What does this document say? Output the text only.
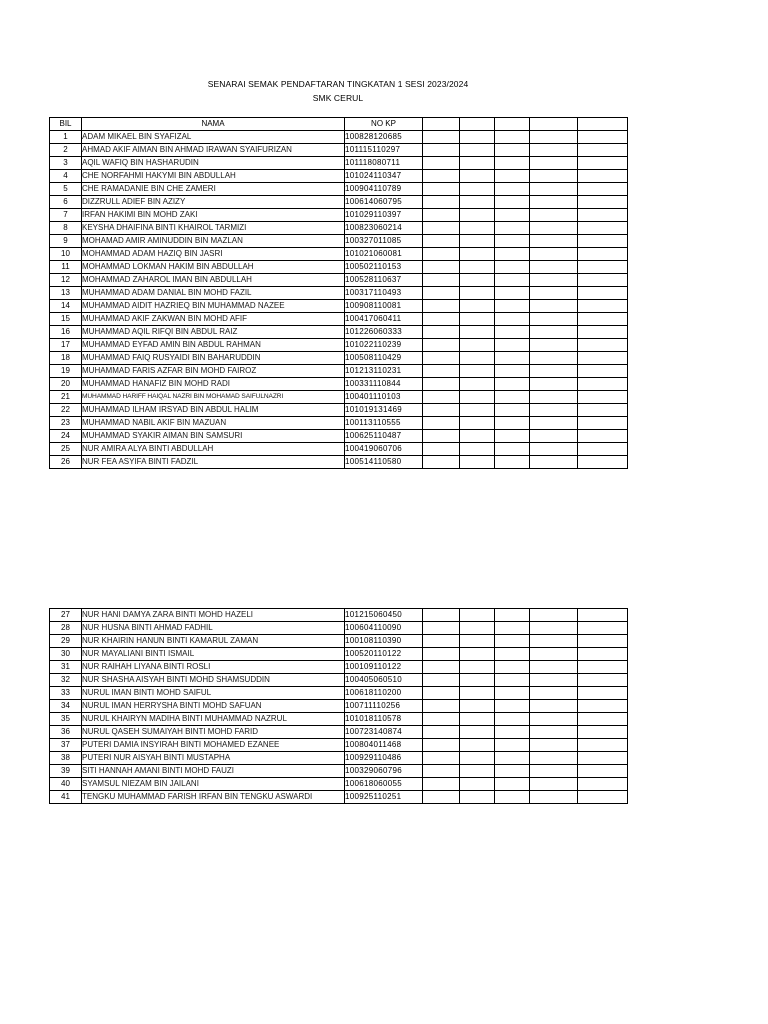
SENARAI SEMAK PENDAFTARAN TINGKATAN 1 SESI 2023/2024
SMK CERUL
BIL	NAMA	NO KP					
1	ADAM MIKAEL BIN SYAFIZAL	100828120685					
2	AHMAD AKIF AIMAN BIN AHMAD IRAWAN SYAIFURIZAN	101115110297					
3	AQIL WAFIQ BIN HASHARUDIN	101118080711					
4	CHE NORFAHMI HAKYMI BIN ABDULLAH	101024110347					
5	CHE RAMADANIE BIN CHE ZAMERI	100904110789					
6	DIZZRULL ADIEF BIN AZIZY	100614060795					
7	IRFAN HAKIMI BIN MOHD ZAKI	101029110397					
8	KEYSHA DHAIFINA BINTI KHAIROL TARMIZI	100823060214					
9	MOHAMAD AMIR AMINUDDIN BIN MAZLAN	100327011085					
10	MOHAMMAD ADAM HAZIQ BIN JASRI	101021060081					
11	MOHAMMAD LOKMAN HAKIM BIN ABDULLAH	100502110153					
12	MOHAMMAD ZAHAROL IMAN BIN ABDULLAH	100528110637					
13	MUHAMMAD ADAM DANIAL BIN MOHD FAZIL	100317110493					
14	MUHAMMAD AIDIT HAZRIEQ BIN MUHAMMAD NAZEE	100908110081					
15	MUHAMMAD AKIF ZAKWAN BIN MOHD AFIF	100417060411					
16	MUHAMMAD AQIL RIFQI BIN ABDUL RAIZ	101226060333					
17	MUHAMMAD EYFAD AMIN BIN ABDUL RAHMAN	101022110239					
18	MUHAMMAD FAIQ RUSYAIDI BIN BAHARUDDIN	100508110429					
19	MUHAMMAD FARIS AZFAR BIN MOHD FAIROZ	101213110231					
20	MUHAMMAD HANAFIZ BIN MOHD RADI	100331110844					
21	MUHAMMAD HARIFF HAIQAL NAZRI BIN MOHAMAD SAIFULNAZRI	100401110103					
22	MUHAMMAD ILHAM IRSYAD BIN ABDUL HALIM	101019131469					
23	MUHAMMAD NABIL AKIF BIN MAZUAN	100113110555					
24	MUHAMMAD SYAKIR AIMAN BIN SAMSURI	100625110487					
25	NUR AMIRA ALYA BINTI ABDULLAH	100419060706					
26	NUR FEA ASYIFA BINTI FADZIL	100514110580					
27	NUR HANI DAMYA ZARA BINTI MOHD HAZELI	101215060450					
28	NUR HUSNA BINTI AHMAD FADHIL	100604110090					
29	NUR KHAIRIN HANUN BINTI KAMARUL ZAMAN	100108110390					
30	NUR MAYALIANI BINTI ISMAIL	100520110122					
31	NUR RAIHAH LIYANA BINTI ROSLI	100109110122					
32	NUR SHASHA AISYAH BINTI MOHD SHAMSUDDIN	100405060510					
33	NURUL IMAN BINTI MOHD SAIFUL	100618110200					
34	NURUL IMAN HERRYSHA BINTI MOHD SAFUAN	100711110256					
35	NURUL KHAIRYN MADIHA BINTI MUHAMMAD NAZRUL	101018110578					
36	NURUL QASEH SUMAIYAH BINTI MOHD FARID	100723140874					
37	PUTERI DAMIA INSYIRAH BINTI MOHAMED EZANEE	100804011468					
38	PUTERI NUR AISYAH BINTI MUSTAPHA	100929110486					
39	SITI HANNAH AMANI BINTI MOHD FAUZI	100329060796					
40	SYAMSUL NIEZAM BIN JAILANI	100618060055					
41	TENGKU MUHAMMAD FARISH IRFAN BIN TENGKU ASWARDI	100925110251					
